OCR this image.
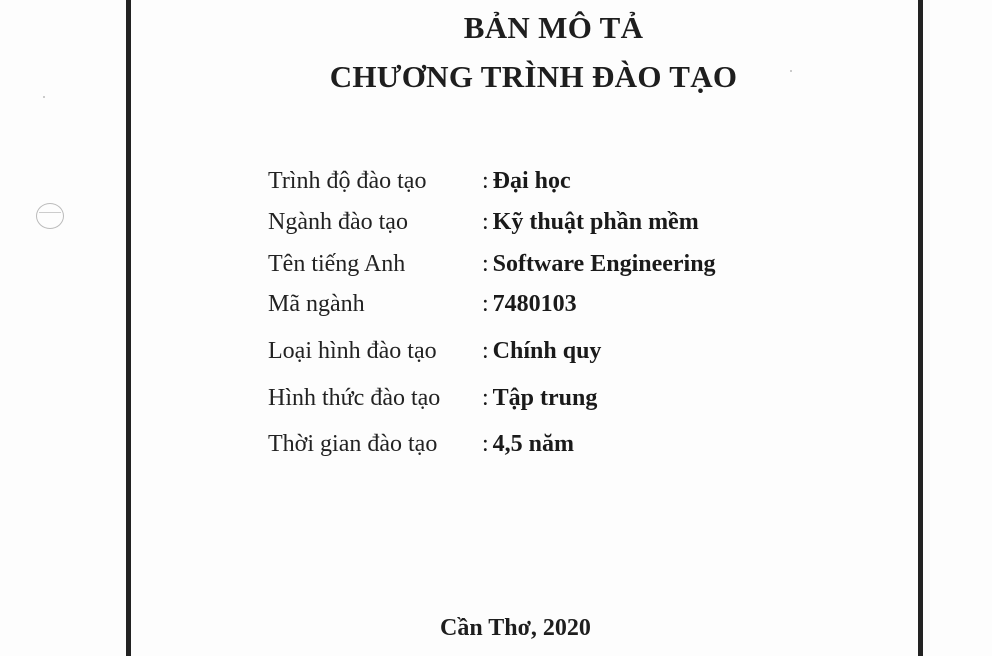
BẢN MÔ TẢ
CHƯƠNG TRÌNH ĐÀO TẠO
Trình độ đào tạo : Đại học
Ngành đào tạo	: Kỹ thuật phần mềm
Tên tiếng Anh	: Software Engineering
Mã ngành	: 7480103
Loại hình đào tạo : Chính quy
Hình thức đào tạo : Tập trung
Thời gian đào tạo : 4,5 năm
Cần Thơ, 2020
